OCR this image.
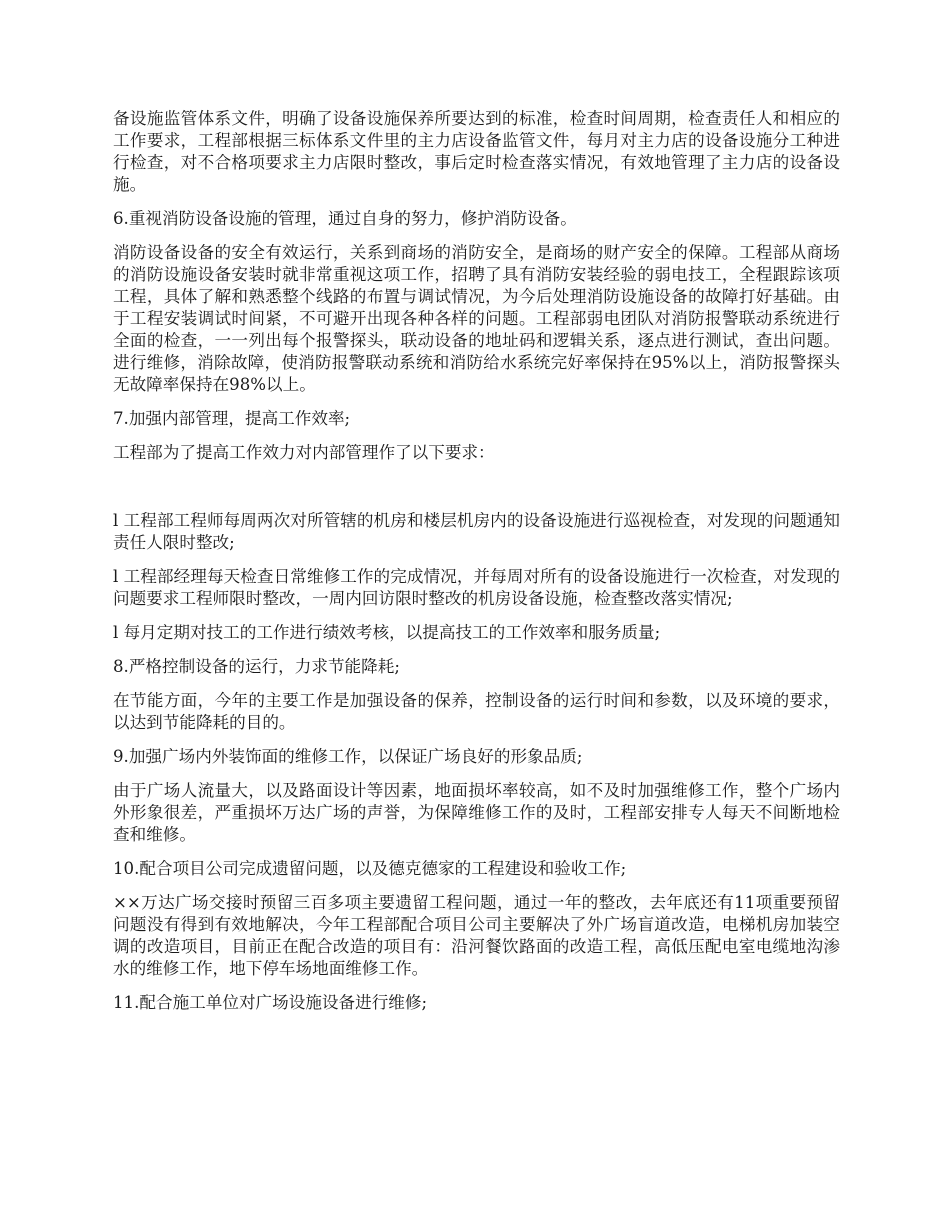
备设施监管体系文件，明确了设备设施保养所要达到的标准，检查时间周期，检查责任人和相应的工作要求，工程部根据三标体系文件里的主力店设备监管文件，每月对主力店的设备设施分工种进行检查，对不合格项要求主力店限时整改，事后定时检查落实情况，有效地管理了主力店的设备设施。

6.重视消防设备设施的管理，通过自身的努力，修护消防设备。

消防设备设备的安全有效运行，关系到商场的消防安全，是商场的财产安全的保障。工程部从商场的消防设施设备安装时就非常重视这项工作，招聘了具有消防安装经验的弱电技工，全程跟踪该项工程，具体了解和熟悉整个线路的布置与调试情况，为今后处理消防设施设备的故障打好基础。由于工程安装调试时间紧，不可避开出现各种各样的问题。工程部弱电团队对消防报警联动系统进行全面的检查，一一列出每个报警探头，联动设备的地址码和逻辑关系，逐点进行测试，查出问题。进行维修，消除故障，使消防报警联动系统和消防给水系统完好率保持在95%以上，消防报警探头无故障率保持在98%以上。

7.加强内部管理，提高工作效率;

工程部为了提高工作效力对内部管理作了以下要求：

l 工程部工程师每周两次对所管辖的机房和楼层机房内的设备设施进行巡视检查，对发现的问题通知责任人限时整改;

l 工程部经理每天检查日常维修工作的完成情况，并每周对所有的设备设施进行一次检查，对发现的问题要求工程师限时整改，一周内回访限时整改的机房设备设施，检查整改落实情况;

l 每月定期对技工的工作进行绩效考核，以提高技工的工作效率和服务质量;

8.严格控制设备的运行，力求节能降耗;

在节能方面，今年的主要工作是加强设备的保养，控制设备的运行时间和参数，以及环境的要求，以达到节能降耗的目的。

9.加强广场内外装饰面的维修工作，以保证广场良好的形象品质;

由于广场人流量大，以及路面设计等因素，地面损坏率较高，如不及时加强维修工作，整个广场内外形象很差，严重损坏万达广场的声誉，为保障维修工作的及时，工程部安排专人每天不间断地检查和维修。

10.配合项目公司完成遗留问题，以及德克德家的工程建设和验收工作;

××万达广场交接时预留三百多项主要遗留工程问题，通过一年的整改，去年底还有11项重要预留问题没有得到有效地解决，今年工程部配合项目公司主要解决了外广场盲道改造，电梯机房加装空调的改造项目，目前正在配合改造的项目有：沿河餐饮路面的改造工程，高低压配电室电缆地沟渗水的维修工作，地下停车场地面维修工作。

11.配合施工单位对广场设施设备进行维修;
